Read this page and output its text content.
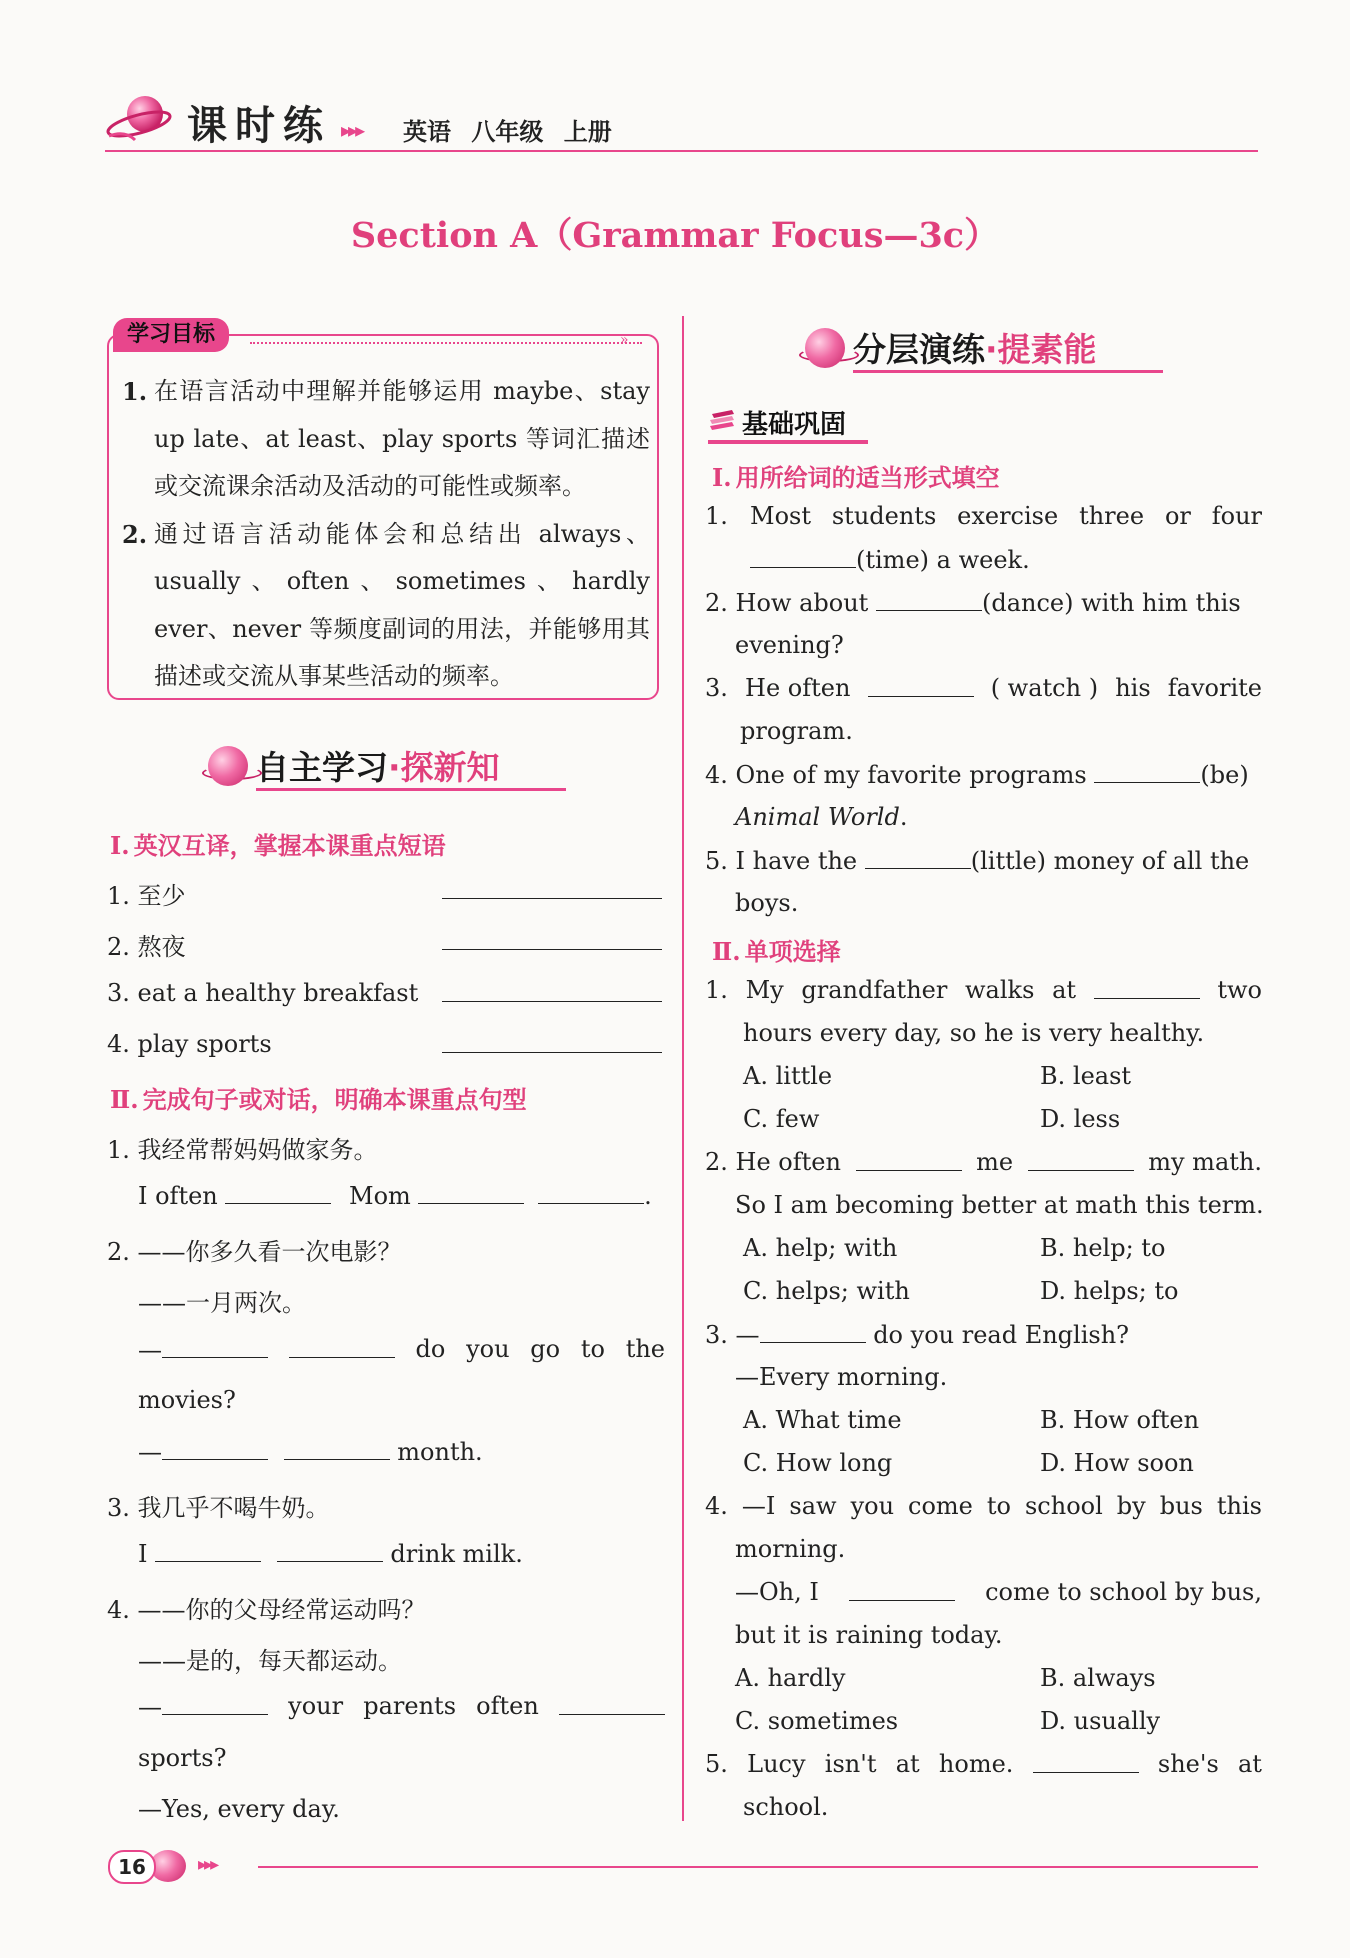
课时练 ▸▸▸ 英语 八年级 上册
Section A（Grammar Focus—3c）
学习目标	»
1. 在语言活动中理解并能够运用 maybe、stay up late、at least、play sports 等词汇描述或交流课余活动及活动的可能性或频率。
2. 通过语言活动能体会和总结出 always、usually、often、sometimes、hardly ever、never 等频度副词的用法，并能够用其描述或交流从事某些活动的频率。
自主学习·探新知
Ⅰ. 英汉互译，掌握本课重点短语
1. 至少
2. 熬夜
3. eat a healthy breakfast
4. play sports
Ⅱ. 完成句子或对话，明确本课重点句型
1. 我经常帮妈妈做家务。
I often	Mom	.
2. ——你多久看一次电影？
——一月两次。
—	do you go to the
movies?
—	month.
3. 我几乎不喝牛奶。
I	drink milk.
4. ——你的父母经常运动吗？
——是的，每天都运动。
—	your parents often
sports?
—Yes, every day.
分层演练·提素能
基础巩固
Ⅰ. 用所给词的适当形式填空
1. Most students exercise three or four
(time) a week.
2. How about	(dance) with him this
evening?
3. He often	( watch ) his favorite
program.
4. One of my favorite programs	(be)
Animal World.
5. I have the	(little) money of all the
boys.
Ⅱ. 单项选择
1. My grandfather walks at	two
hours every day, so he is very healthy.
A. little	B. least
C. few	D. less
2. He often	me	my math.
So I am becoming better at math this term.
A. help; with	B. help; to
C. helps; with	D. helps; to
3. —	do you read English?
—Every morning.
A. What time	B. How often
C. How long	D. How soon
4. —I saw you come to school by bus this
morning.
—Oh, I	come to school by bus,
but it is raining today.
A. hardly	B. always
C. sometimes	D. usually
5. Lucy isn't at home.	she's at
school.
16	▸▸▸
